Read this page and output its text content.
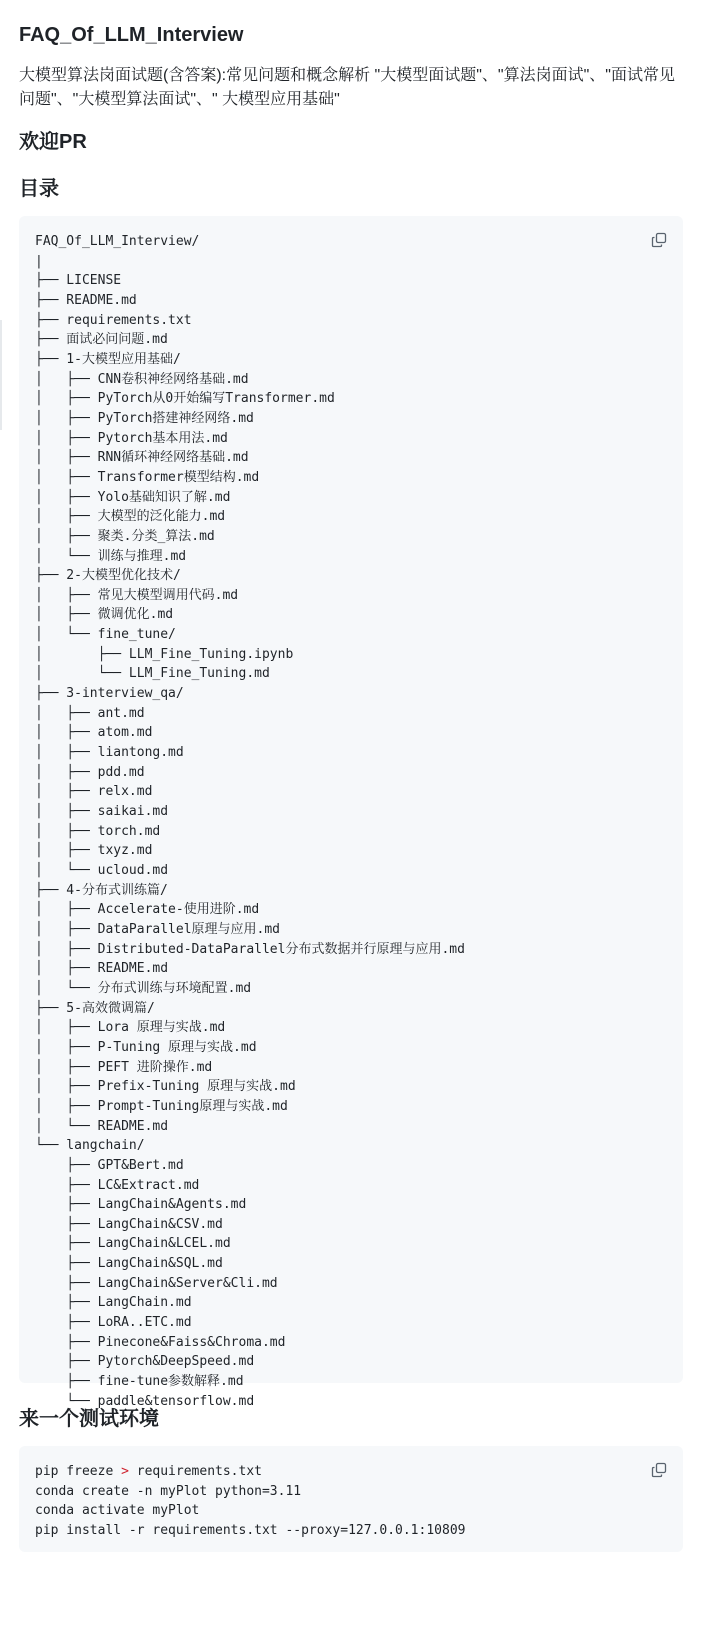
FAQ_Of_LLM_Interview

大模型算法岗面试题(含答案):常见问题和概念解析 "大模型面试题"、"算法岗面试"、"面试常见问题"、"大模型算法面试"、" 大模型应用基础"

欢迎PR
目录
FAQ_Of_LLM_Interview/
|
├── LICENSE
├── README.md
├── requirements.txt
├── 面试必问问题.md
├── 1-大模型应用基础/
│   ├── CNN卷积神经网络基础.md
│   ├── PyTorch从0开始编写Transformer.md
│   ├── PyTorch搭建神经网络.md
│   ├── Pytorch基本用法.md
│   ├── RNN循环神经网络基础.md
│   ├── Transformer模型结构.md
│   ├── Yolo基础知识了解.md
│   ├── 大模型的泛化能力.md
│   ├── 聚类.分类_算法.md
│   └── 训练与推理.md
├── 2-大模型优化技术/
│   ├── 常见大模型调用代码.md
│   ├── 微调优化.md
│   └── fine_tune/
│       ├── LLM_Fine_Tuning.ipynb
│       └── LLM_Fine_Tuning.md
├── 3-interview_qa/
│   ├── ant.md
│   ├── atom.md
│   ├── liantong.md
│   ├── pdd.md
│   ├── relx.md
│   ├── saikai.md
│   ├── torch.md
│   ├── txyz.md
│   └── ucloud.md
├── 4-分布式训练篇/
│   ├── Accelerate-使用进阶.md
│   ├── DataParallel原理与应用.md
│   ├── Distributed-DataParallel分布式数据并行原理与应用.md
│   ├── README.md
│   └── 分布式训练与环境配置.md
├── 5-高效微调篇/
│   ├── Lora 原理与实战.md
│   ├── P-Tuning 原理与实战.md
│   ├── PEFT 进阶操作.md
│   ├── Prefix-Tuning 原理与实战.md
│   ├── Prompt-Tuning原理与实战.md
│   └── README.md
└── langchain/
├── GPT&Bert.md
├── LC&Extract.md
├── LangChain&Agents.md
├── LangChain&CSV.md
├── LangChain&LCEL.md
├── LangChain&SQL.md
├── LangChain&Server&Cli.md
├── LangChain.md
├── LoRA..ETC.md
├── Pinecone&Faiss&Chroma.md
├── Pytorch&DeepSpeed.md
├── fine-tune参数解释.md
└── paddle&tensorflow.md
来一个测试环境
pip freeze > requirements.txt
conda create -n myPlot python=3.11
conda activate myPlot
pip install -r requirements.txt --proxy=127.0.0.1:10809
